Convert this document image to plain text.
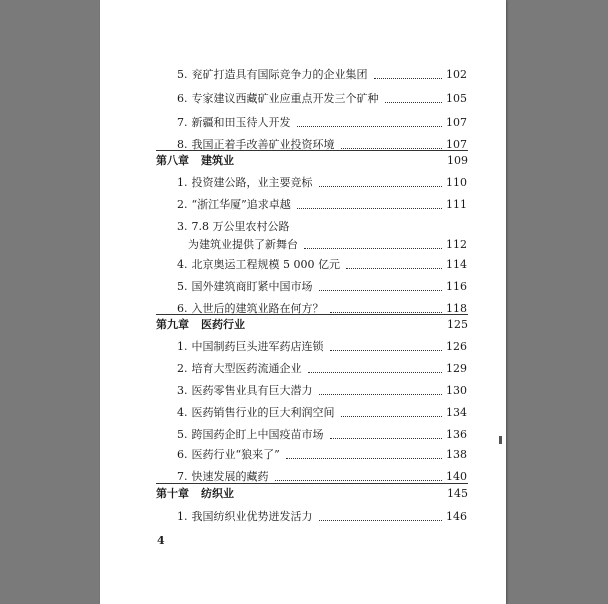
5. 兖矿打造具有国际竞争力的企业集团	102
6. 专家建议西藏矿业应重点开发三个矿种	105
7. 新疆和田玉待人开发	107
8. 我国正着手改善矿业投资环境	107
第八章 建筑业	109
1. 投资建公路，业主要竞标	110
2. “浙江华厦”追求卓越	111
3. 7.8 万公里农村公路
为建筑业提供了新舞台	112
4. 北京奥运工程规模 5 000 亿元	114
5. 国外建筑商盯紧中国市场	116
6. 入世后的建筑业路在何方？	118
第九章 医药行业	125
1. 中国制药巨头进军药店连锁	126
2. 培育大型医药流通企业	129
3. 医药零售业具有巨大潜力	130
4. 医药销售行业的巨大利润空间	134
5. 跨国药企盯上中国疫苗市场	136
6. 医药行业“狼来了”	138
7. 快速发展的藏药	140
第十章 纺织业	145
1. 我国纺织业优势迸发活力	146
4
